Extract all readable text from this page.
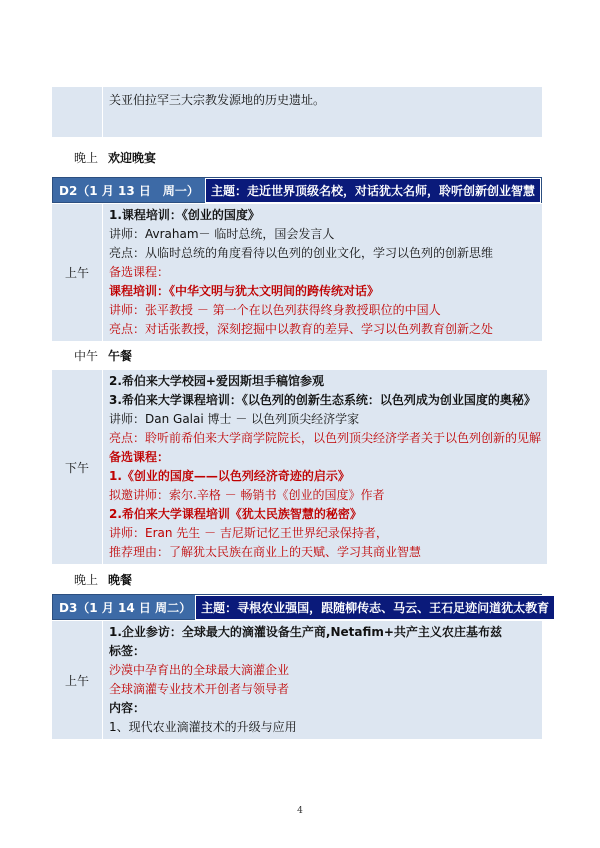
关亚伯拉罕三大宗教发源地的历史遗址。
晚上 欢迎晚宴
D2（1 月 13 日　周一）	主题：走近世界顶级名校，对话犹太名师，聆听创新创业智慧
上午
1.课程培训：《创业的国度》
讲师：Avraham－ 临时总统，国会发言人
亮点：从临时总统的角度看待以色列的创业文化，学习以色列的创新思维
备选课程：
课程培训：《中华文明与犹太文明间的跨传统对话》
讲师：张平教授 － 第一个在以色列获得终身教授职位的中国人
亮点：对话张教授，深刻挖掘中以教育的差异、学习以色列教育创新之处
中午 午餐
下午
2.希伯来大学校园+爱因斯坦手稿馆参观
3.希伯来大学课程培训：《以色列的创新生态系统：以色列成为创业国度的奥秘》
讲师：Dan Galai 博士 － 以色列顶尖经济学家
亮点：聆听前希伯来大学商学院院长，以色列顶尖经济学者关于以色列创新的见解
备选课程：
1.《创业的国度——以色列经济奇迹的启示》
拟邀讲师：索尔.辛格 － 畅销书《创业的国度》作者
2.希伯来大学课程培训《犹太民族智慧的秘密》
讲师：Eran 先生 － 吉尼斯记忆王世界纪录保持者，
推荐理由：了解犹太民族在商业上的天赋、学习其商业智慧
晚上 晚餐
D3（1 月 14 日 周二） 主题：寻根农业强国，跟随柳传志、马云、王石足迹问道犹太教育
上午
1.企业参访：全球最大的滴灌设备生产商,Netafim+共产主义农庄基布兹
标签：
沙漠中孕育出的全球最大滴灌企业
全球滴灌专业技术开创者与领导者
内容：
1、现代农业滴灌技术的升级与应用
4
